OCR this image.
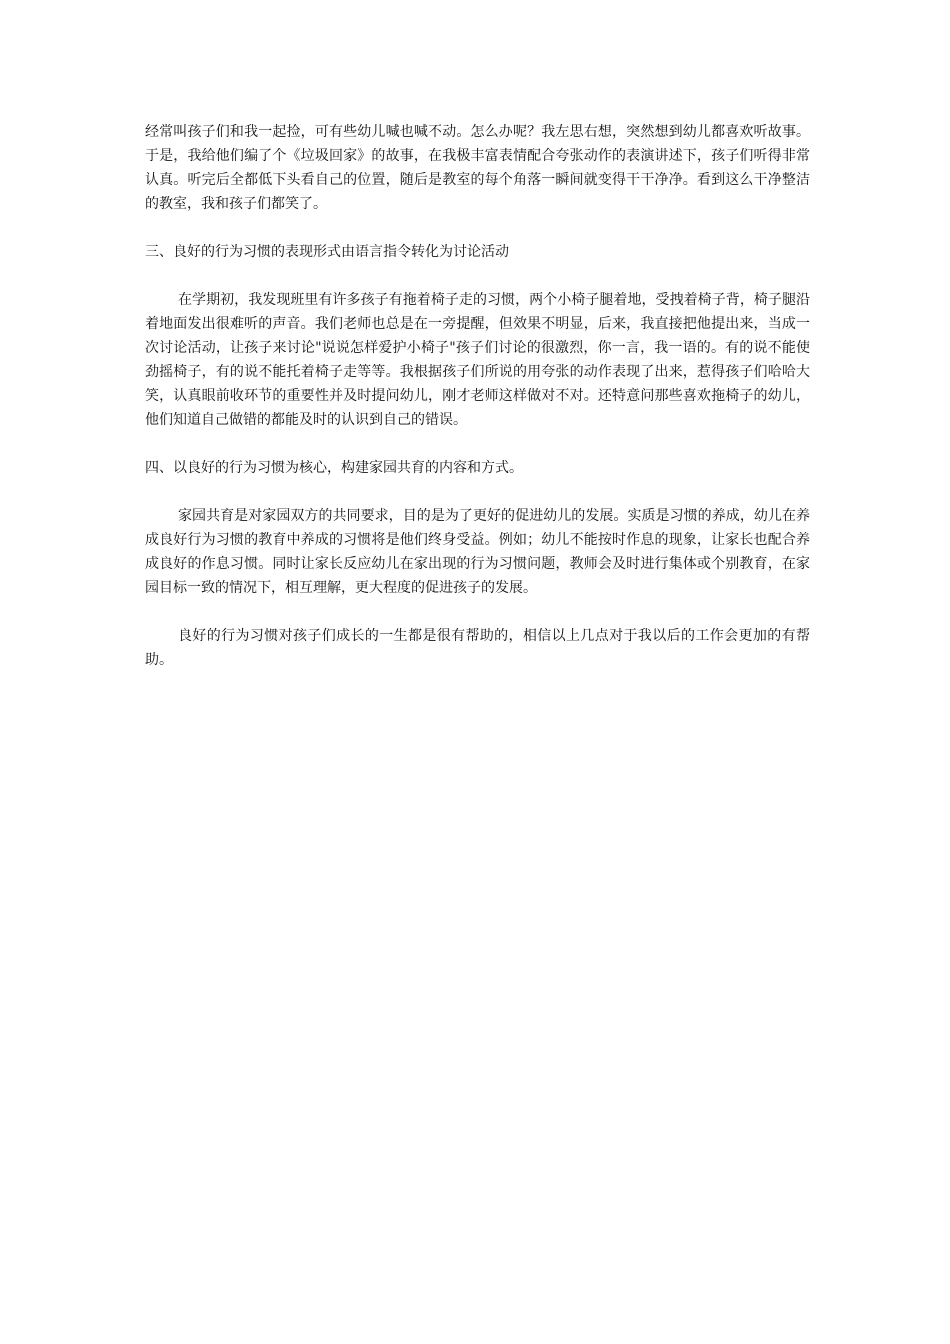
经常叫孩子们和我一起捡，可有些幼儿喊也喊不动。怎么办呢？我左思右想，突然想到幼儿都喜欢听故事。于是，我给他们编了个《垃圾回家》的故事，在我极丰富表情配合夸张动作的表演讲述下，孩子们听得非常认真。听完后全都低下头看自己的位置，随后是教室的每个角落一瞬间就变得干干净净。看到这么干净整洁的教室，我和孩子们都笑了。

三、良好的行为习惯的表现形式由语言指令转化为讨论活动

在学期初，我发现班里有许多孩子有拖着椅子走的习惯，两个小椅子腿着地，受拽着椅子背，椅子腿沿着地面发出很难听的声音。我们老师也总是在一旁提醒，但效果不明显，后来，我直接把他提出来，当成一次讨论活动，让孩子来讨论"说说怎样爱护小椅子"孩子们讨论的很激烈，你一言，我一语的。有的说不能使劲摇椅子，有的说不能托着椅子走等等。我根据孩子们所说的用夸张的动作表现了出来，惹得孩子们哈哈大笑，认真眼前收环节的重要性并及时提问幼儿，刚才老师这样做对不对。还特意问那些喜欢拖椅子的幼儿，他们知道自己做错的都能及时的认识到自己的错误。

四、以良好的行为习惯为核心，构建家园共育的内容和方式。

家园共育是对家园双方的共同要求，目的是为了更好的促进幼儿的发展。实质是习惯的养成，幼儿在养成良好行为习惯的教育中养成的习惯将是他们终身受益。例如；幼儿不能按时作息的现象，让家长也配合养成良好的作息习惯。同时让家长反应幼儿在家出现的行为习惯问题，教师会及时进行集体或个别教育，在家园目标一致的情况下，相互理解，更大程度的促进孩子的发展。

良好的行为习惯对孩子们成长的一生都是很有帮助的，相信以上几点对于我以后的工作会更加的有帮助。
